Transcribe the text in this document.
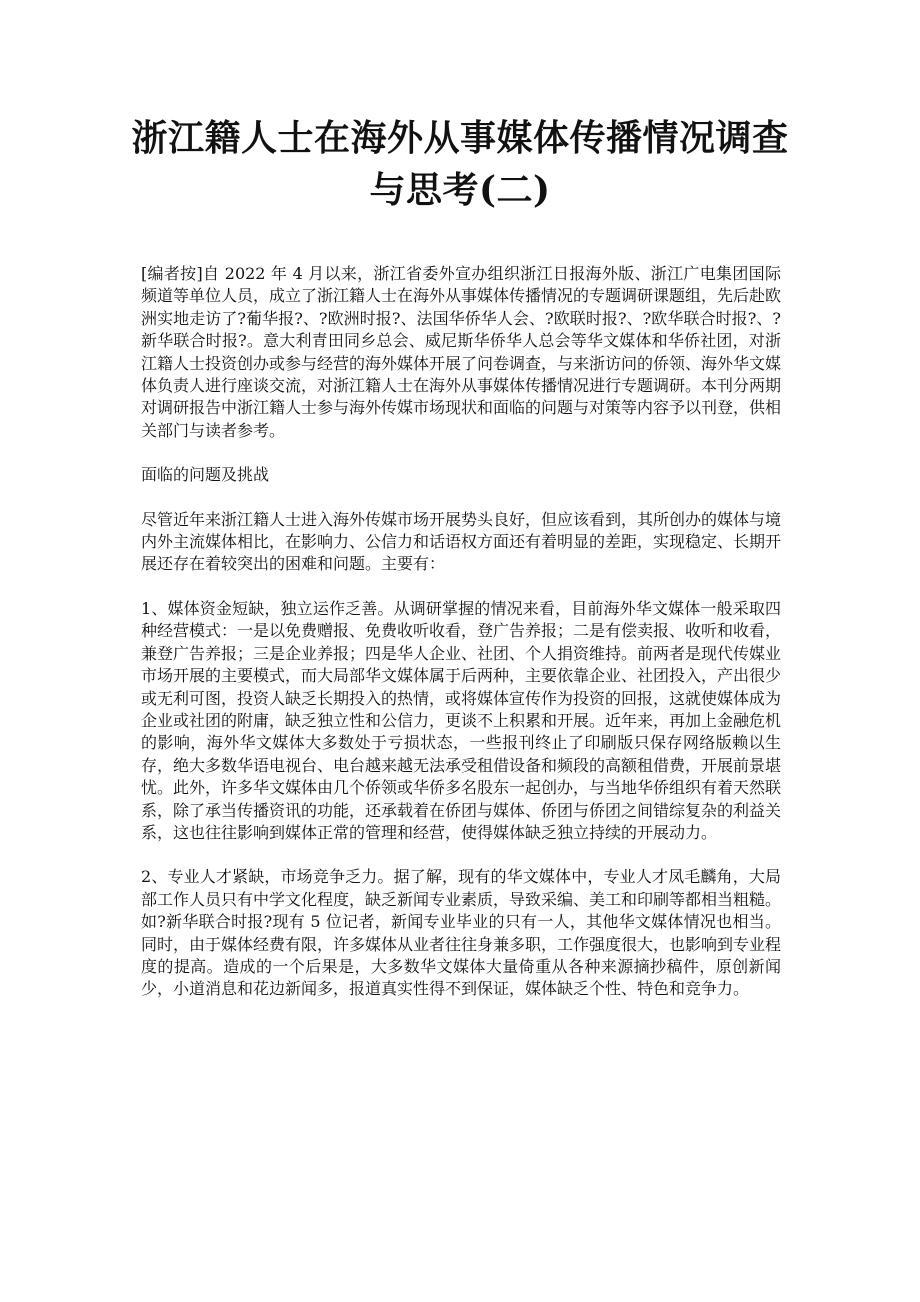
浙江籍人士在海外从事媒体传播情况调查与思考(二)

[编者按]自 2022 年 4 月以来，浙江省委外宣办组织浙江日报海外版、浙江广电集团国际频道等单位人员，成立了浙江籍人士在海外从事媒体传播情况的专题调研课题组，先后赴欧洲实地走访了?葡华报?、?欧洲时报?、法国华侨华人会、?欧联时报?、?欧华联合时报?、?新华联合时报?。意大利青田同乡总会、威尼斯华侨华人总会等华文媒体和华侨社团，对浙江籍人士投资创办或参与经营的海外媒体开展了问卷调查，与来浙访问的侨领、海外华文媒体负责人进行座谈交流，对浙江籍人士在海外从事媒体传播情况进行专题调研。本刊分两期对调研报告中浙江籍人士参与海外传媒市场现状和面临的问题与对策等内容予以刊登，供相关部门与读者参考。

面临的问题及挑战

尽管近年来浙江籍人士进入海外传媒市场开展势头良好，但应该看到，其所创办的媒体与境内外主流媒体相比，在影响力、公信力和话语权方面还有着明显的差距，实现稳定、长期开展还存在着较突出的困难和问题。主要有：

1、媒体资金短缺，独立运作乏善。从调研掌握的情况来看，目前海外华文媒体一般采取四种经营模式：一是以免费赠报、免费收听收看，登广告养报；二是有偿卖报、收听和收看，兼登广告养报；三是企业养报；四是华人企业、社团、个人捐资维持。前两者是现代传媒业市场开展的主要模式，而大局部华文媒体属于后两种，主要依靠企业、社团投入，产出很少或无利可图，投资人缺乏长期投入的热情，或将媒体宣传作为投资的回报，这就使媒体成为企业或社团的附庸，缺乏独立性和公信力，更谈不上积累和开展。近年来，再加上金融危机的影响，海外华文媒体大多数处于亏损状态，一些报刊终止了印刷版只保存网络版赖以生存，绝大多数华语电视台、电台越来越无法承受租借设备和频段的高额租借费，开展前景堪忧。此外，许多华文媒体由几个侨领或华侨多名股东一起创办，与当地华侨组织有着天然联系，除了承当传播资讯的功能，还承载着在侨团与媒体、侨团与侨团之间错综复杂的利益关系，这也往往影响到媒体正常的管理和经营，使得媒体缺乏独立持续的开展动力。

2、专业人才紧缺，市场竞争乏力。据了解，现有的华文媒体中，专业人才凤毛麟角，大局部工作人员只有中学文化程度，缺乏新闻专业素质，导致采编、美工和印刷等都相当粗糙。如?新华联合时报?现有 5 位记者，新闻专业毕业的只有一人，其他华文媒体情况也相当。同时，由于媒体经费有限，许多媒体从业者往往身兼多职，工作强度很大，也影响到专业程度的提高。造成的一个后果是，大多数华文媒体大量倚重从各种来源摘抄稿件，原创新闻少，小道消息和花边新闻多，报道真实性得不到保证，媒体缺乏个性、特色和竞争力。
